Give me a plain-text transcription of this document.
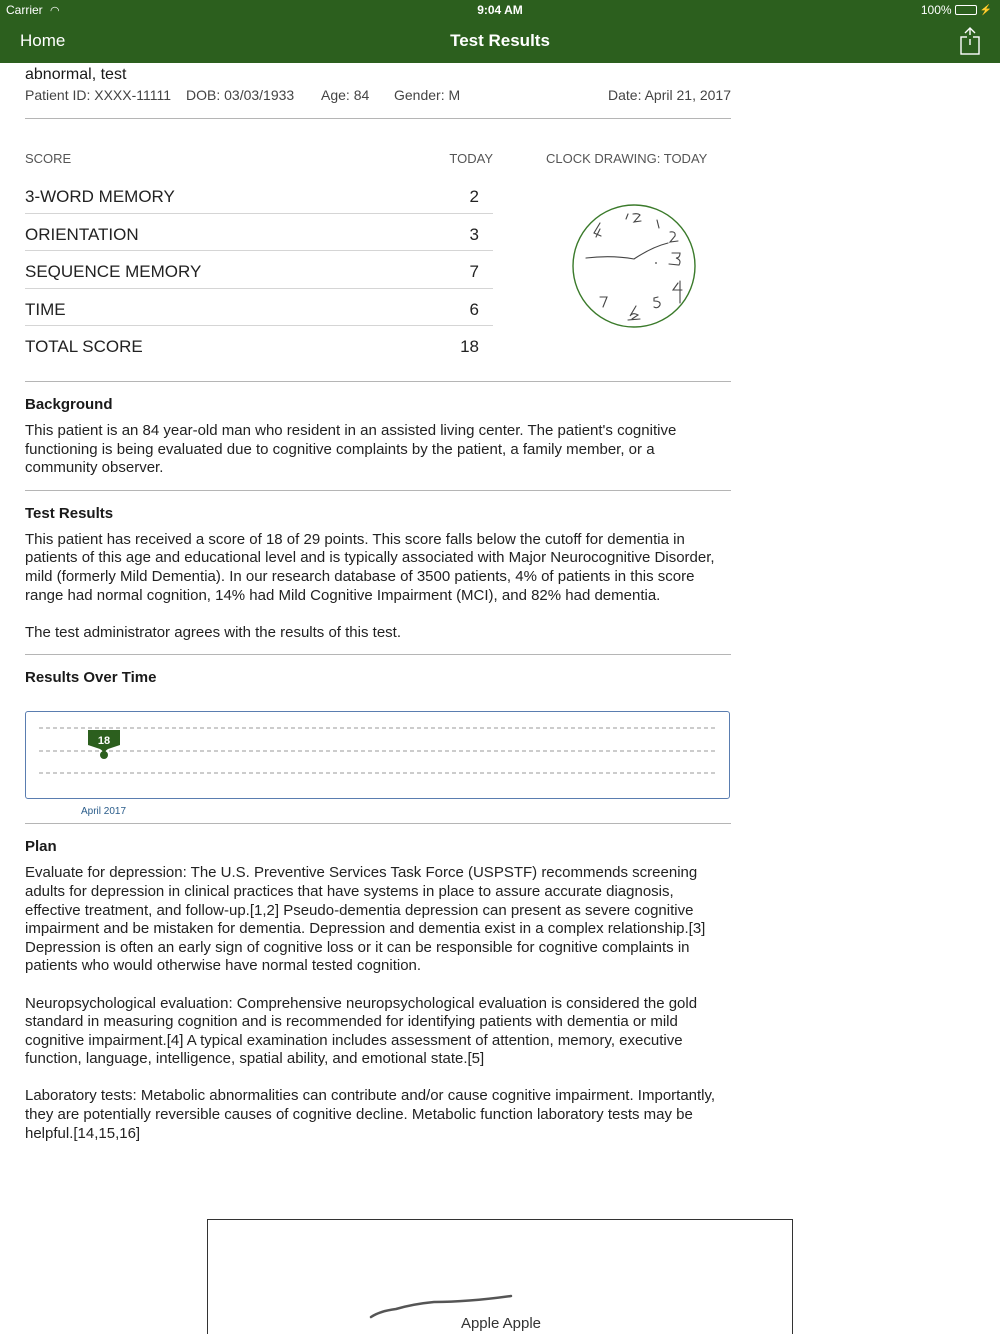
Carrier ◠	9:04 AM	100%	⚡
Home	Test Results
abnormal, test
Patient ID: XXXX-11111 DOB: 03/03/1933 Age: 84 Gender: M	Date: April 21, 2017
SCORE	TODAY
3-WORD MEMORY	2
ORIENTATION	3
SEQUENCE MEMORY	7
TIME	6
TOTAL SCORE	18
CLOCK DRAWING: TODAY
Background

This patient is an 84 year-old man who resident in an assisted living center. The patient's cognitive functioning is being evaluated due to cognitive complaints by the patient, a family member, or a community observer.

Test Results

This patient has received a score of 18 of 29 points. This score falls below the cutoff for dementia in patients of this age and educational level and is typically associated with Major Neurocognitive Disorder, mild (formerly Mild Dementia). In our research database of 3500 patients, 4% of patients in this score range had normal cognition, 14% had Mild Cognitive Impairment (MCI), and 82% had dementia.

The test administrator agrees with the results of this test.

Results Over Time
18
April 2017
Plan

Evaluate for depression: The U.S. Preventive Services Task Force (USPSTF) recommends screening adults for depression in clinical practices that have systems in place to assure accurate diagnosis, effective treatment, and follow-up.[1,2] Pseudo-dementia depression can present as severe cognitive impairment and be mistaken for dementia. Depression and dementia exist in a complex relationship.[3] Depression is often an early sign of cognitive loss or it can be responsible for cognitive complaints in patients who would otherwise have normal tested cognition.

Neuropsychological evaluation: Comprehensive neuropsychological evaluation is considered the gold standard in measuring cognition and is recommended for identifying patients with dementia or mild cognitive impairment.[4] A typical examination includes assessment of attention, memory, executive function, language, intelligence, spatial ability, and emotional state.[5]

Laboratory tests: Metabolic abnormalities can contribute and/or cause cognitive impairment. Importantly, they are potentially reversible causes of cognitive decline. Metabolic function laboratory tests may be helpful.[14,15,16]

Apple Apple
